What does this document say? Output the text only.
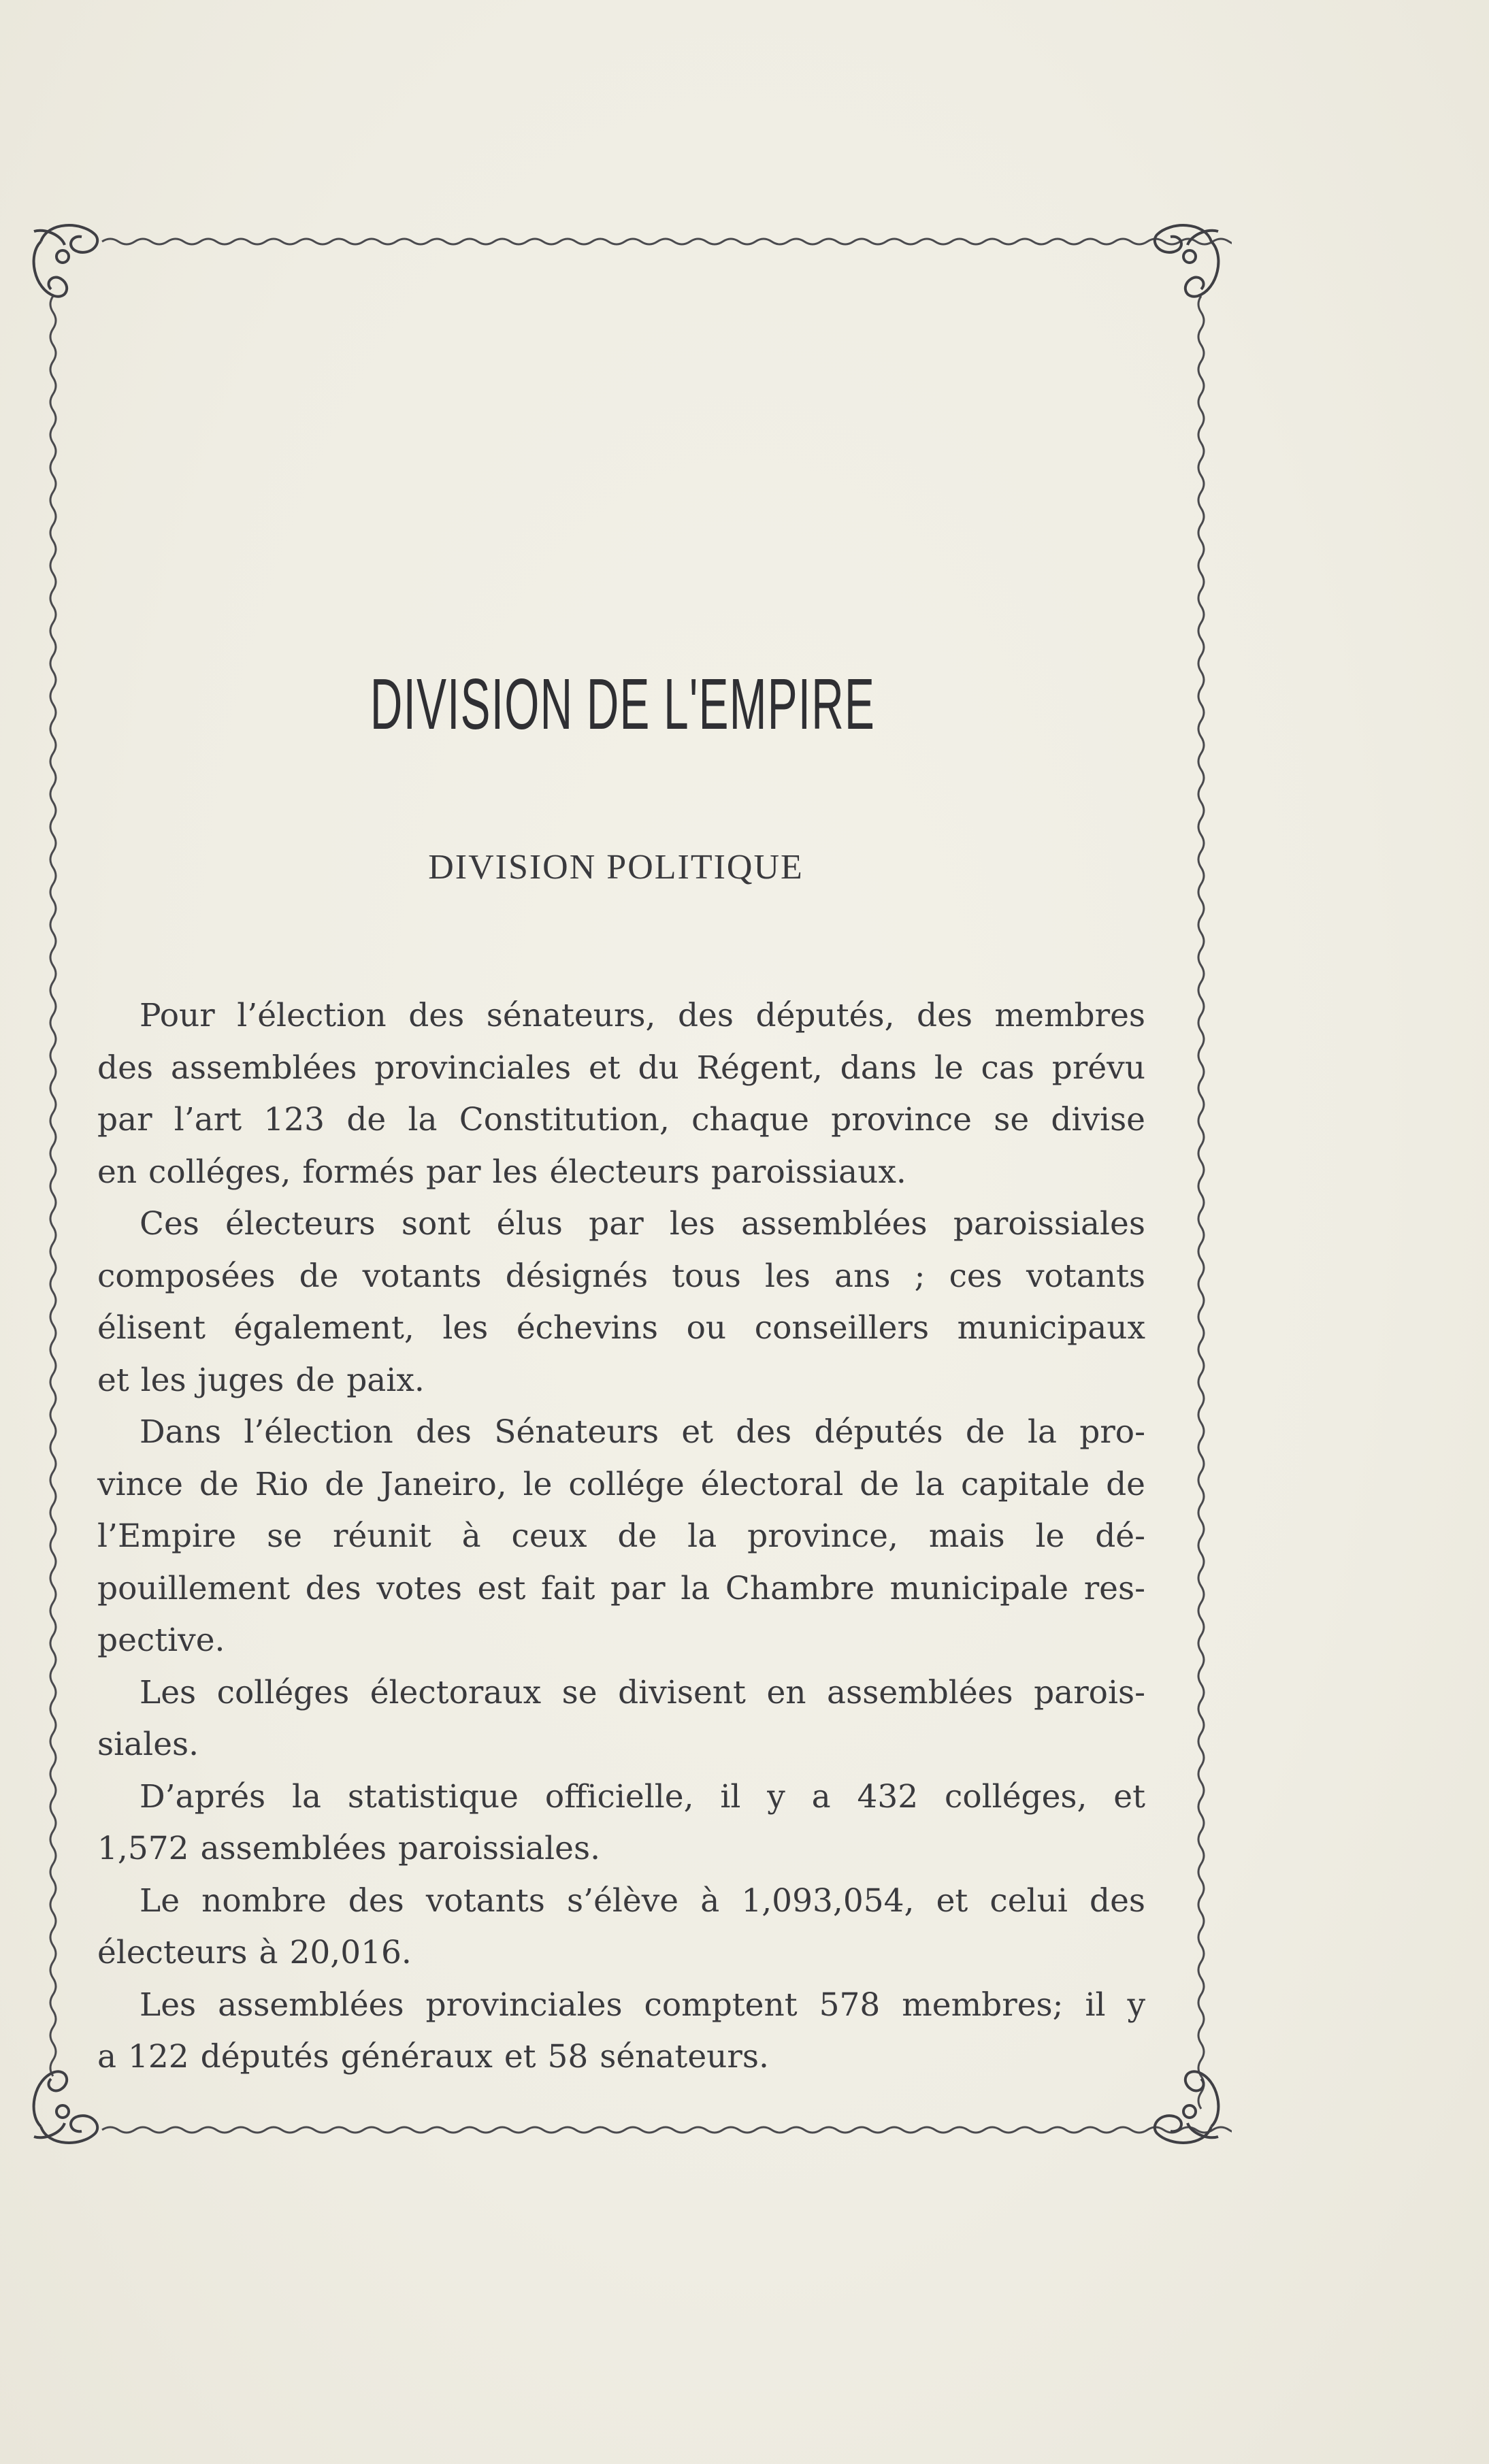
DIVISION DE L'EMPIRE
DIVISION POLITIQUE
Pour l’élection des sénateurs, des députés, des membres
des assemblées provinciales et du Régent, dans le cas prévu
par l’art 123 de la Constitution, chaque province se divise
en colléges, formés par les électeurs paroissiaux.
Ces électeurs sont élus par les assemblées paroissiales
composées de votants désignés tous les ans ; ces votants
élisent également, les échevins ou conseillers municipaux
et les juges de paix.
Dans l’élection des Sénateurs et des députés de la pro-
vince de Rio de Janeiro, le collége électoral de la capitale de
l’Empire se réunit à ceux de la province, mais le dé-
pouillement des votes est fait par la Chambre municipale res-
pective.
Les colléges électoraux se divisent en assemblées parois-
siales.
D’aprés la statistique officielle, il y a 432 colléges, et
1,572 assemblées paroissiales.
Le nombre des votants s’élève à 1,093,054, et celui des
électeurs à 20,016.
Les assemblées provinciales comptent 578 membres; il y
a 122 députés généraux et 58 sénateurs.
